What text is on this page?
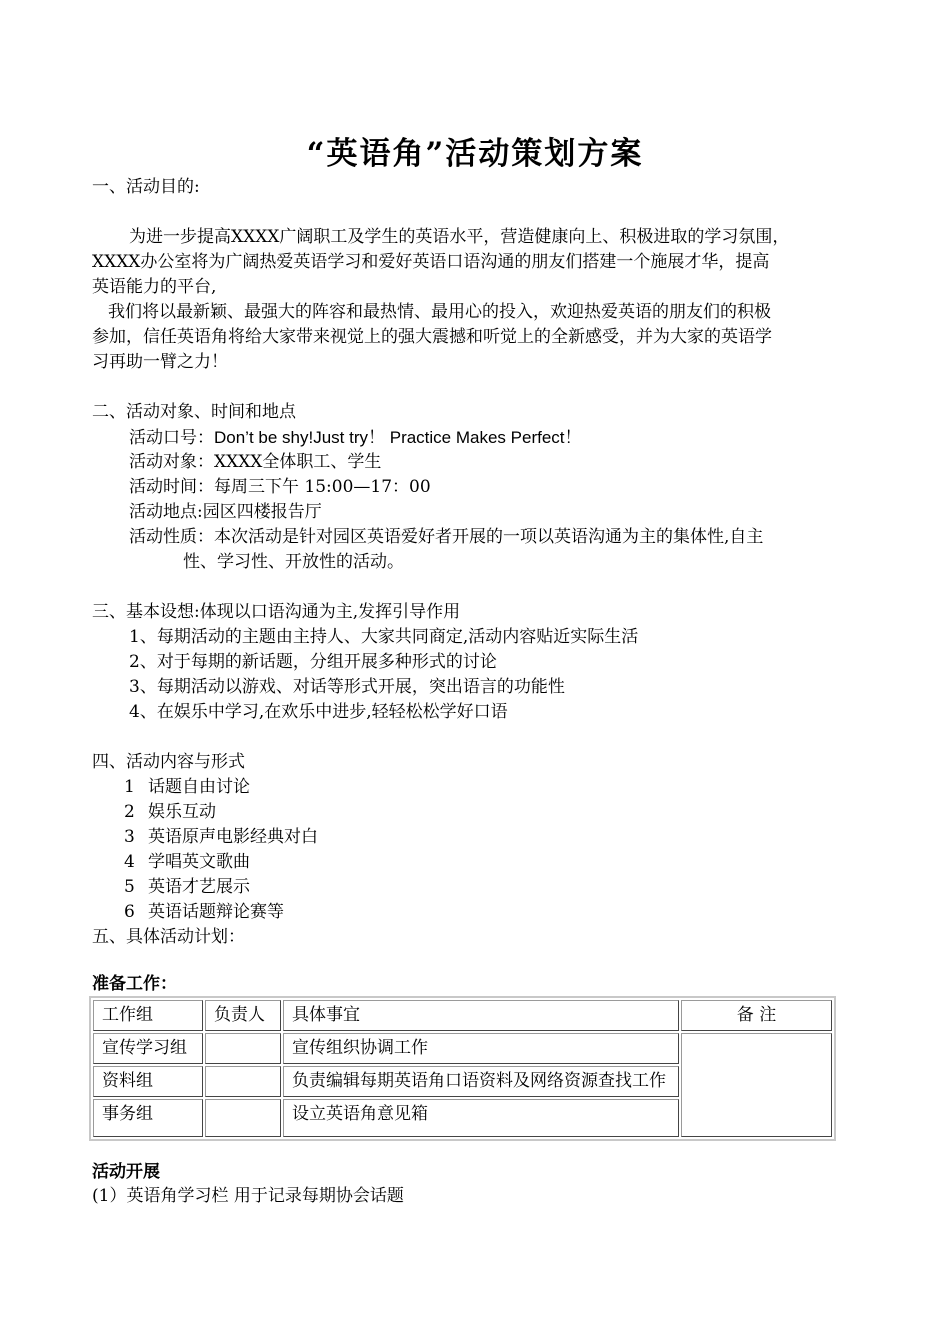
“英语角”活动策划方案
一、活动目的:
为进一步提高XXXX广阔职工及学生的英语水平，营造健康向上、积极进取的学习氛围，
XXXX办公室将为广阔热爱英语学习和爱好英语口语沟通的朋友们搭建一个施展才华，提高
英语能力的平台,
我们将以最新颖、最强大的阵容和最热情、最用心的投入，欢迎热爱英语的朋友们的积极
参加，信任英语角将给大家带来视觉上的强大震撼和听觉上的全新感受，并为大家的英语学
习再助一臂之力！
二、活动对象、时间和地点
活动口号：Don’t be shy!Just try！ Practice Makes Perfect！
活动对象：XXXX全体职工、学生
活动时间：每周三下午 15:00—17：00
活动地点:园区四楼报告厅
活动性质：本次活动是针对园区英语爱好者开展的一项以英语沟通为主的集体性,自主
性、学习性、开放性的活动。
三、基本设想:体现以口语沟通为主,发挥引导作用
1、每期活动的主题由主持人、大家共同商定,活动内容贴近实际生活
2、对于每期的新话题，分组开展多种形式的讨论
3、每期活动以游戏、对话等形式开展，突出语言的功能性
4、在娱乐中学习,在欢乐中进步,轻轻松松学好口语
四、活动内容与形式
1 话题自由讨论
2 娱乐互动
3 英语原声电影经典对白
4 学唱英文歌曲
5 英语才艺展示
6 英语话题辩论赛等
五、具体活动计划：
准备工作：
工作组	负责人	具体事宜	备 注
宣传学习组		宣传组织协调工作	
资料组		负责编辑每期英语角口语资料及网络资源查找工作	
事务组		设立英语角意见箱	
活动开展
(1）英语角学习栏 用于记录每期协会话题
